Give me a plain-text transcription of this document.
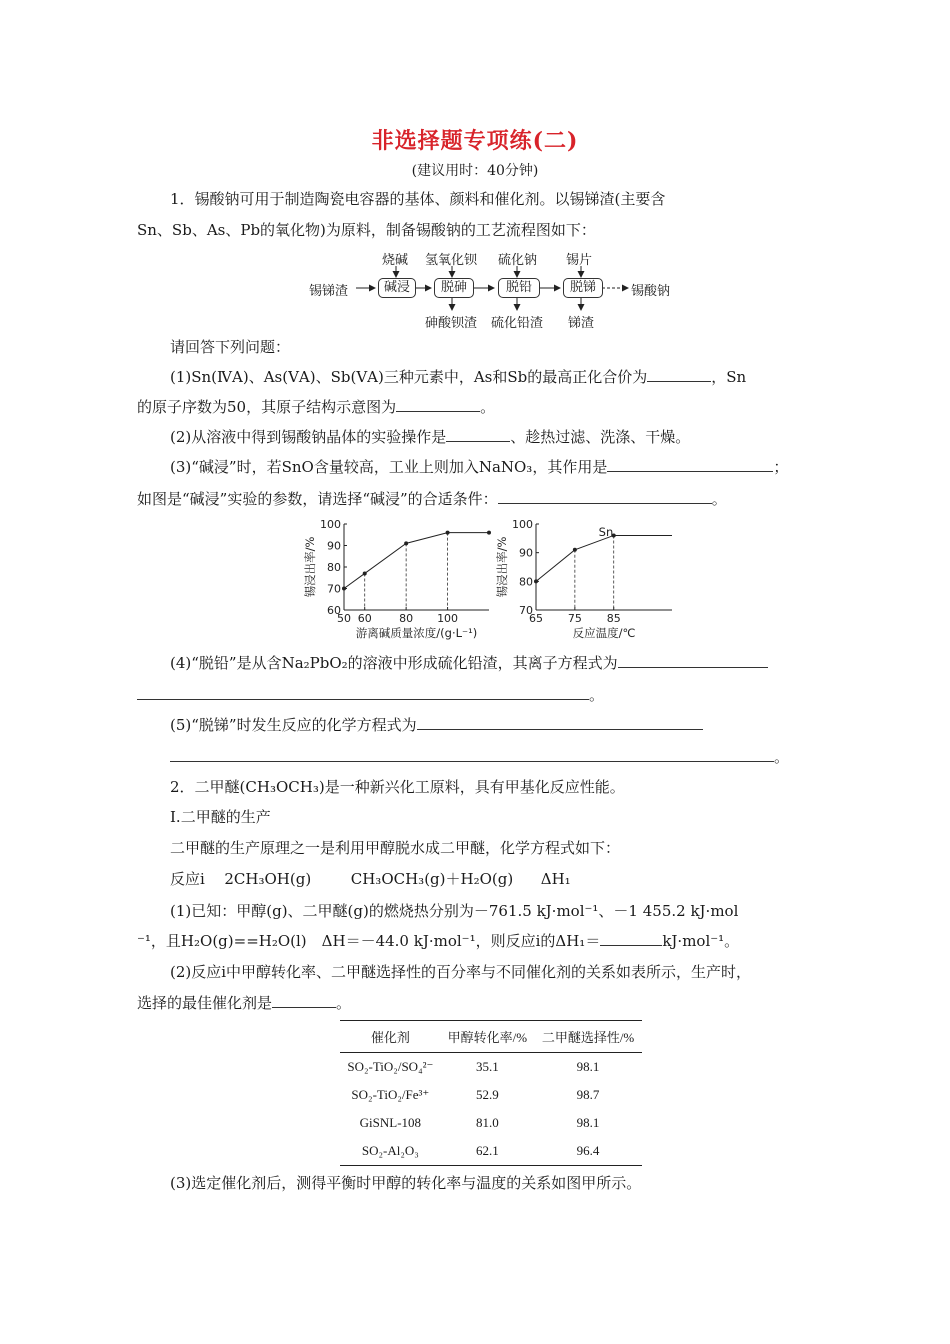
非选择题专项练(二)
(建议用时：40分钟)
1．锡酸钠可用于制造陶瓷电容器的基体、颜料和催化剂。以锡锑渣(主要含
Sn、Sb、As、Pb的氧化物)为原料，制备锡酸钠的工艺流程图如下：
锡锑渣	碱浸	脱砷	脱铅	脱锑	锡酸钠
烧碱 氢氧化钡 硫化钠 锡片
砷酸钡渣 硫化铅渣 锑渣
请回答下列问题：
(1)Sn(ⅣA)、As(ⅤA)、Sb(ⅤA)三种元素中，As和Sb的最高正化合价为	，Sn
的原子序数为50，其原子结构示意图为	。
(2)从溶液中得到锡酸钠晶体的实验操作是	、趁热过滤、洗涤、干燥。
(3)“碱浸”时，若SnO含量较高，工业上则加入NaNO₃，其作用是	；
如图是“碱浸”实验的参数，请选择“碱浸”的合适条件：	。
60
70
80
90
100
50 60 80 100
游离碱质量浓度/(g·L⁻¹)
锡浸出率/%
70
80
90
100
65 75 85
反应温度/℃
锡浸出率/%
Sn
(4)“脱铅”是从含Na₂PbO₂的溶液中形成硫化铅渣，其离子方程式为
。
(5)“脱锑”时发生反应的化学方程式为
。
2．二甲醚(CH₃OCH₃)是一种新兴化工原料，具有甲基化反应性能。
Ⅰ.二甲醚的生产
二甲醚的生产原理之一是利用甲醇脱水成二甲醚，化学方程式如下：
反应ⅰ 2CH₃OH(g)	CH₃OCH₃(g)＋H₂O(g) ΔH₁
(1)已知：甲醇(g)、二甲醚(g)的燃烧热分别为－761.5 kJ·mol⁻¹、－1 455.2 kJ·mol
⁻¹，且H₂O(g)==H₂O(l)　ΔH＝－44.0 kJ·mol⁻¹，则反应ⅰ的ΔH₁＝	kJ·mol⁻¹。
(2)反应ⅰ中甲醇转化率、二甲醚选择性的百分率与不同催化剂的关系如表所示，生产时，
选择的最佳催化剂是	。
催化剂	甲醇转化率/%	二甲醚选择性/%
SO₂-TiO₂/SO₄²⁻	35.1	98.1
SO₂-TiO₂/Fe³⁺	52.9	98.7
GiSNL-108	81.0	98.1
SO₂-Al₂O₃	62.1	96.4
(3)选定催化剂后，测得平衡时甲醇的转化率与温度的关系如图甲所示。
